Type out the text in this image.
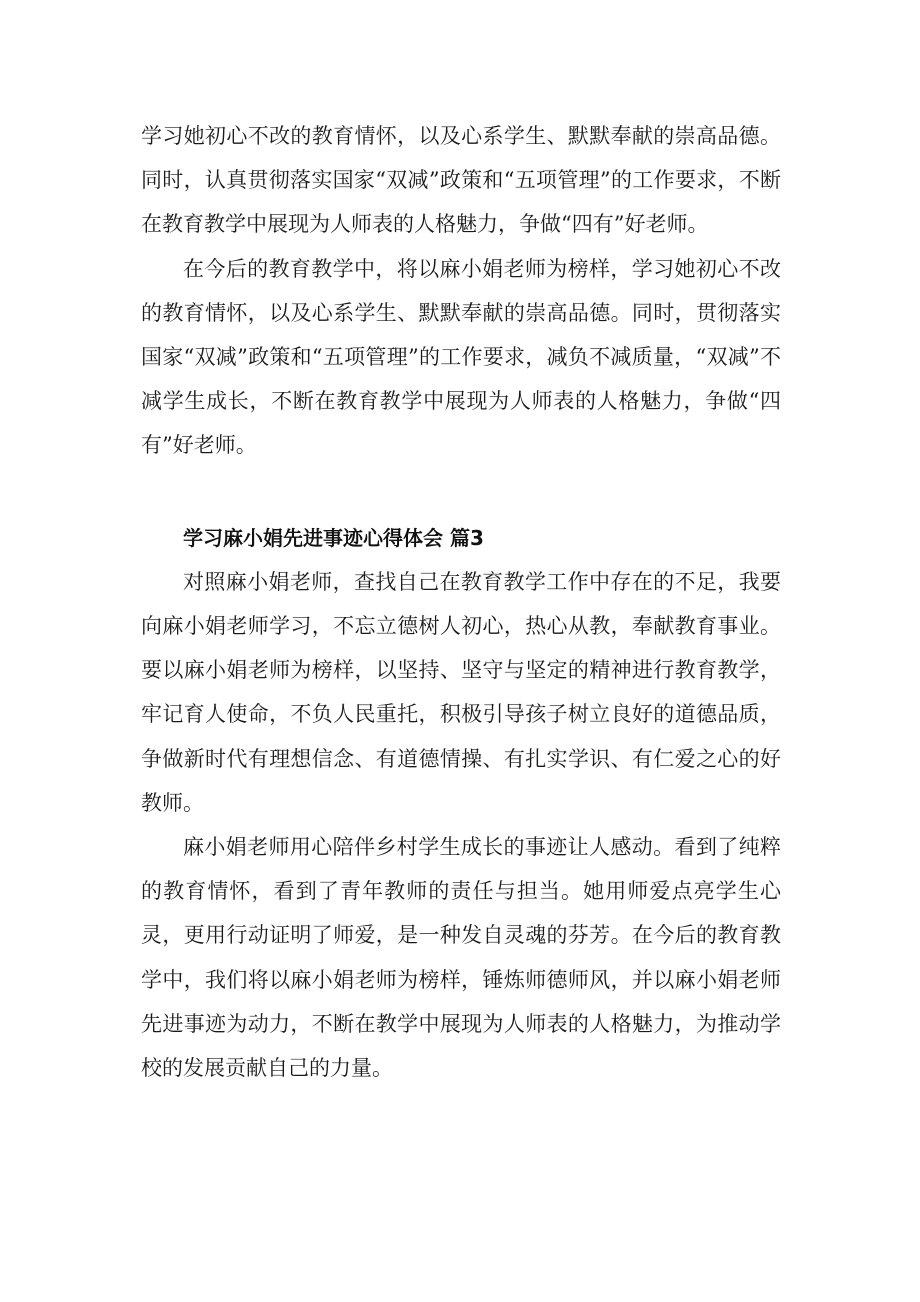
学习她初心不改的教育情怀，以及心系学生、默默奉献的崇高品德。同时，认真贯彻落实国家“双减”政策和“五项管理”的工作要求，不断在教育教学中展现为人师表的人格魅力，争做“四有”好老师。

在今后的教育教学中，将以麻小娟老师为榜样，学习她初心不改的教育情怀，以及心系学生、默默奉献的崇高品德。同时，贯彻落实国家“双减”政策和“五项管理”的工作要求，减负不减质量，“双减”不减学生成长，不断在教育教学中展现为人师表的人格魅力，争做“四有”好老师。

学习麻小娟先进事迹心得体会 篇3

对照麻小娟老师，查找自己在教育教学工作中存在的不足，我要向麻小娟老师学习，不忘立德树人初心，热心从教，奉献教育事业。要以麻小娟老师为榜样，以坚持、坚守与坚定的精神进行教育教学，牢记育人使命，不负人民重托，积极引导孩子树立良好的道德品质，争做新时代有理想信念、有道德情操、有扎实学识、有仁爱之心的好教师。

麻小娟老师用心陪伴乡村学生成长的事迹让人感动。看到了纯粹的教育情怀，看到了青年教师的责任与担当。她用师爱点亮学生心灵，更用行动证明了师爱，是一种发自灵魂的芬芳。在今后的教育教学中，我们将以麻小娟老师为榜样，锤炼师德师风，并以麻小娟老师先进事迹为动力，不断在教学中展现为人师表的人格魅力，为推动学校的发展贡献自己的力量。
